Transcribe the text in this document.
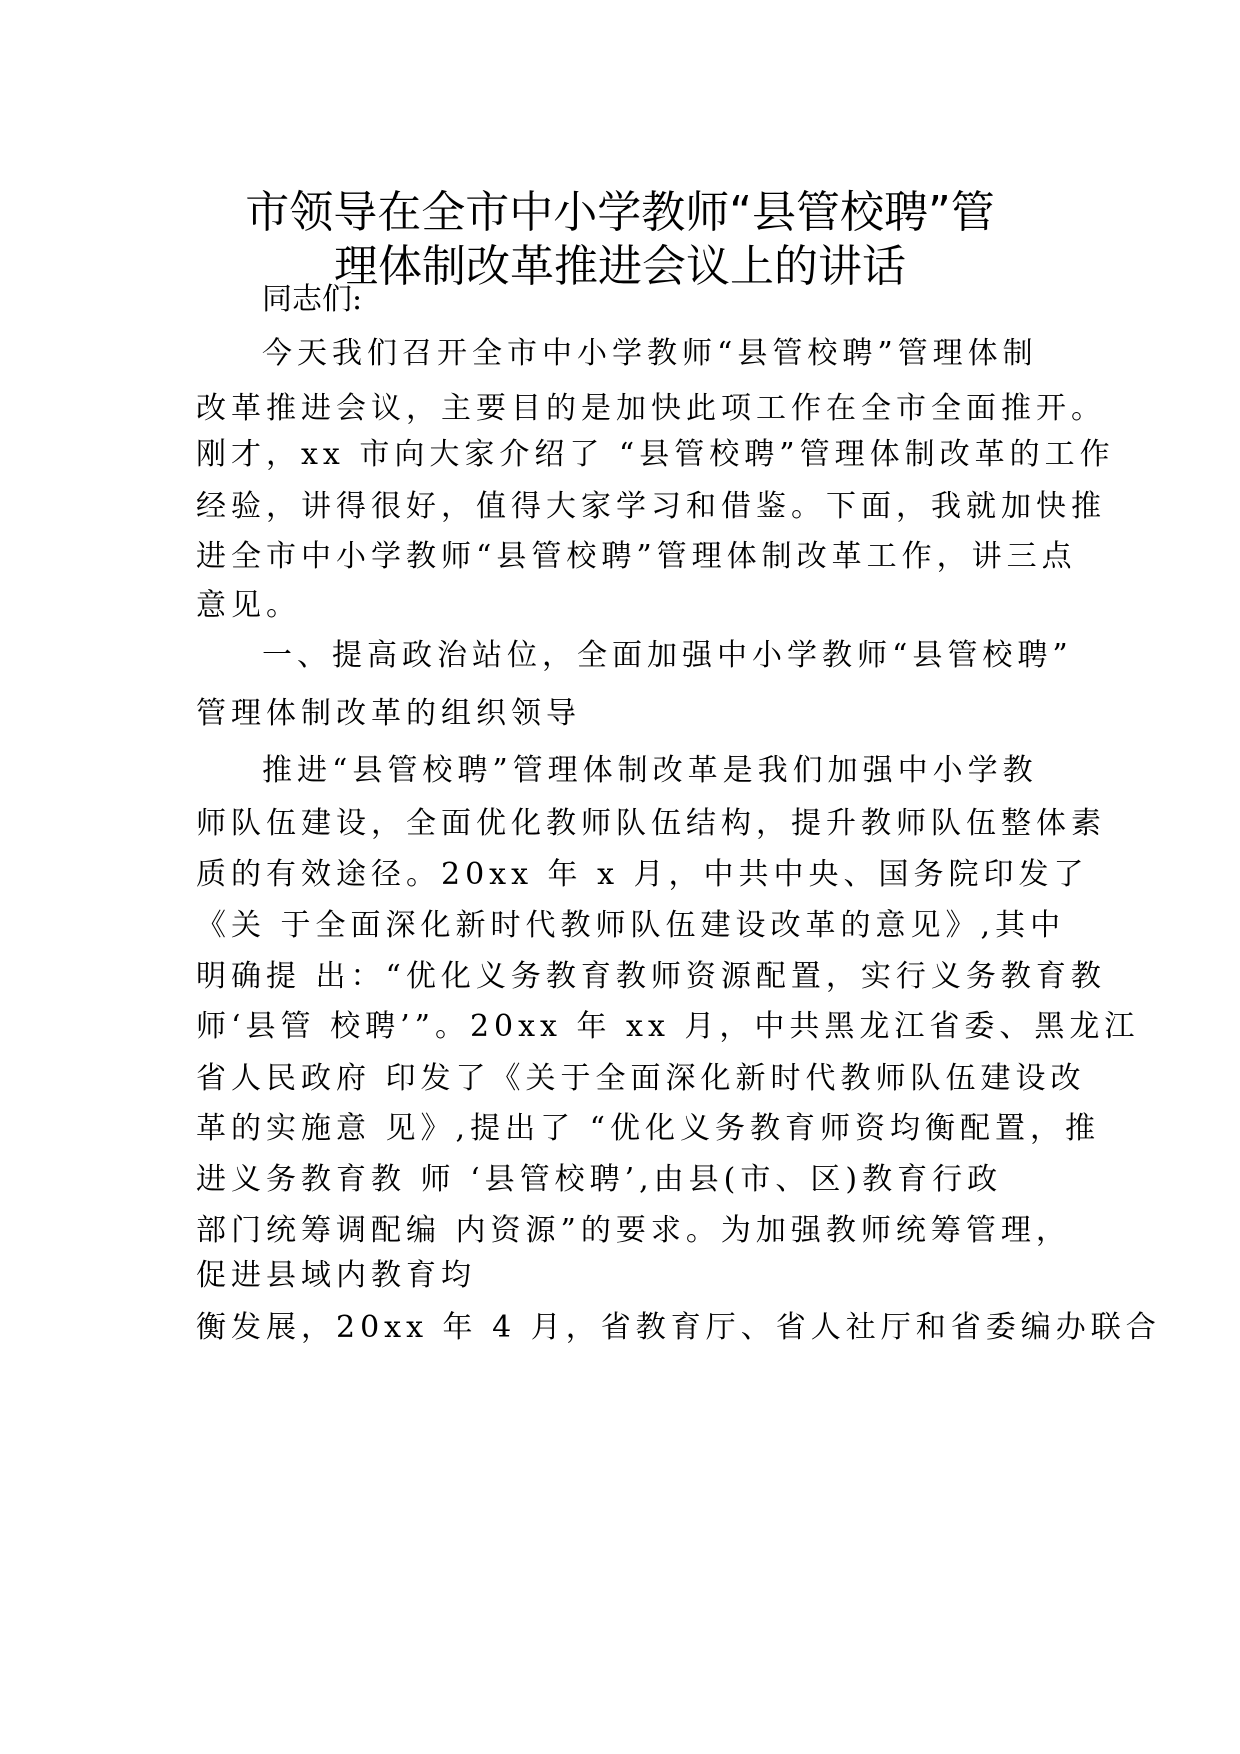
市领导在全市中小学教师“县管校聘”管
理体制改革推进会议上的讲话
同志们:
今天我们召开全市中小学教师“县管校聘”管理体制
改革推进会议，主要目的是加快此项工作在全市全面推开。
刚才，xx 市向大家介绍了 “县管校聘”管理体制改革的工作
经验，讲得很好，值得大家学习和借鉴。下面，我就加快推
进全市中小学教师“县管校聘”管理体制改革工作，讲三点
意见。
一、提高政治站位，全面加强中小学教师“县管校聘”
管理体制改革的组织领导
推进“县管校聘”管理体制改革是我们加强中小学教
师队伍建设，全面优化教师队伍结构，提升教师队伍整体素
质的有效途径。20xx 年 x 月，中共中央、国务院印发了
《关 于全面深化新时代教师队伍建设改革的意见》,其中
明确提 出：“优化义务教育教师资源配置，实行义务教育教
师‘县管 校聘’”。20xx 年 xx 月，中共黑龙江省委、黑龙江
省人民政府 印发了《关于全面深化新时代教师队伍建设改
革的实施意 见》,提出了 “优化义务教育师资均衡配置，推
进义务教育教 师 ‘县管校聘’,由县(市、区)教育行政
部门统筹调配编 内资源”的要求。为加强教师统筹管理，
促进县域内教育均
衡发展，20xx 年 4 月，省教育厅、省人社厅和省委编办联合
